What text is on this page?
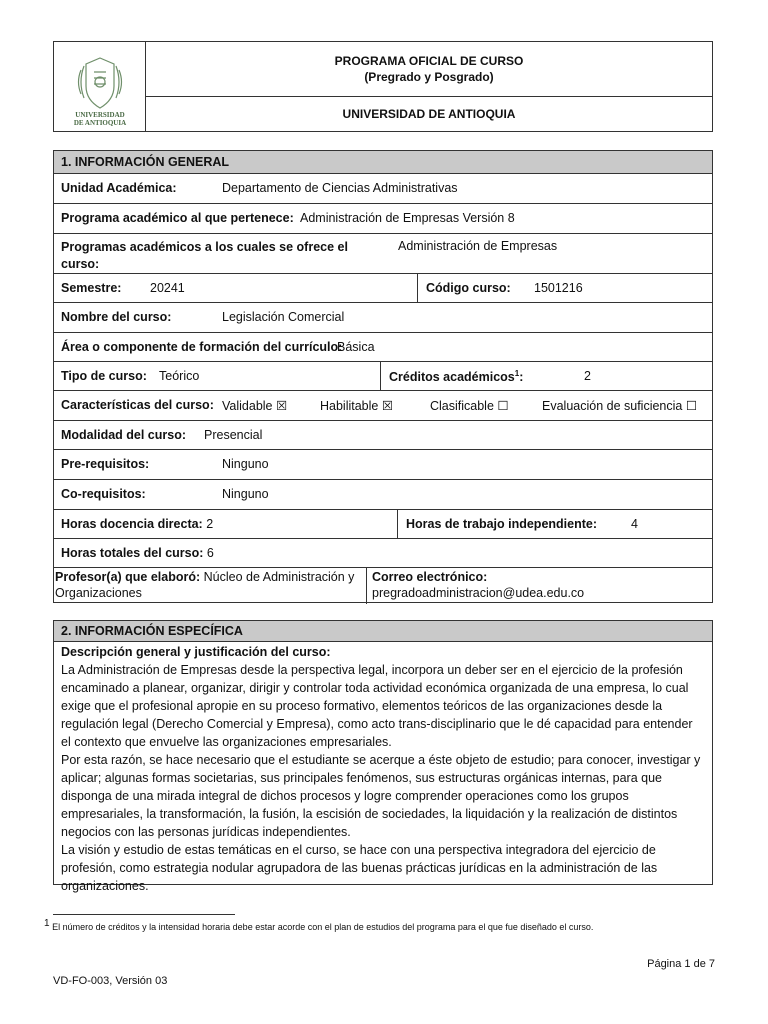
UNIVERSIDAD
DE ANTIOQUIA
PROGRAMA OFICIAL DE CURSO
(Pregrado y Posgrado)
UNIVERSIDAD DE ANTIOQUIA
1. INFORMACIÓN GENERAL
Unidad Académica:	Departamento de Ciencias Administrativas
Programa académico al que pertenece: Administración de Empresas Versión 8
Programas académicos a los cuales se ofrece el
curso:
Administración de Empresas
Semestre: 20241	Código curso: 1501216
Nombre del curso:	Legislación Comercial
Área o componente de formación del currículo:
Básica
Tipo de curso: Teórico	Créditos académicos$^1$:	2
Características del curso: Validable ☒	Habilitable ☒	Clasificable ☐	Evaluación de suficiencia ☐
Modalidad del curso: Presencial
Pre-requisitos:	Ninguno
Co-requisitos:	Ninguno
Horas docencia directa: 2	Horas de trabajo independiente:	4
Horas totales del curso: 6
Profesor(a) que elaboró: Núcleo de Administración y
Organizaciones
Correo electrónico:
pregradoadministracion@udea.edu.co
2. INFORMACIÓN ESPECÍFICA
Descripción general y justificación del curso:
La Administración de Empresas desde la perspectiva legal, incorpora un deber ser en el ejercicio de la profesión
encaminado a planear, organizar, dirigir y controlar toda actividad económica organizada de una empresa, lo cual
exige que el profesional apropie en su proceso formativo, elementos teóricos de las organizaciones desde la
regulación legal (Derecho Comercial y Empresa), como acto trans-disciplinario que le dé capacidad para entender
el contexto que envuelve las organizaciones empresariales.
Por esta razón, se hace necesario que el estudiante se acerque a éste objeto de estudio; para conocer, investigar y
aplicar; algunas formas societarias, sus principales fenómenos, sus estructuras orgánicas internas, para que
disponga de una mirada integral de dichos procesos y logre comprender operaciones como los grupos
empresariales, la transformación, la fusión, la escisión de sociedades, la liquidación y la realización de distintos
negocios con las personas jurídicas independientes.
La visión y estudio de estas temáticas en el curso, se hace con una perspectiva integradora del ejercicio de
profesión, como estrategia nodular agrupadora de las buenas prácticas jurídicas en la administración de las
organizaciones.
$^1$ El número de créditos y la intensidad horaria debe estar acorde con el plan de estudios del programa para el que fue diseñado el curso.
Página 1 de 7
VD-FO-003, Versión 03
